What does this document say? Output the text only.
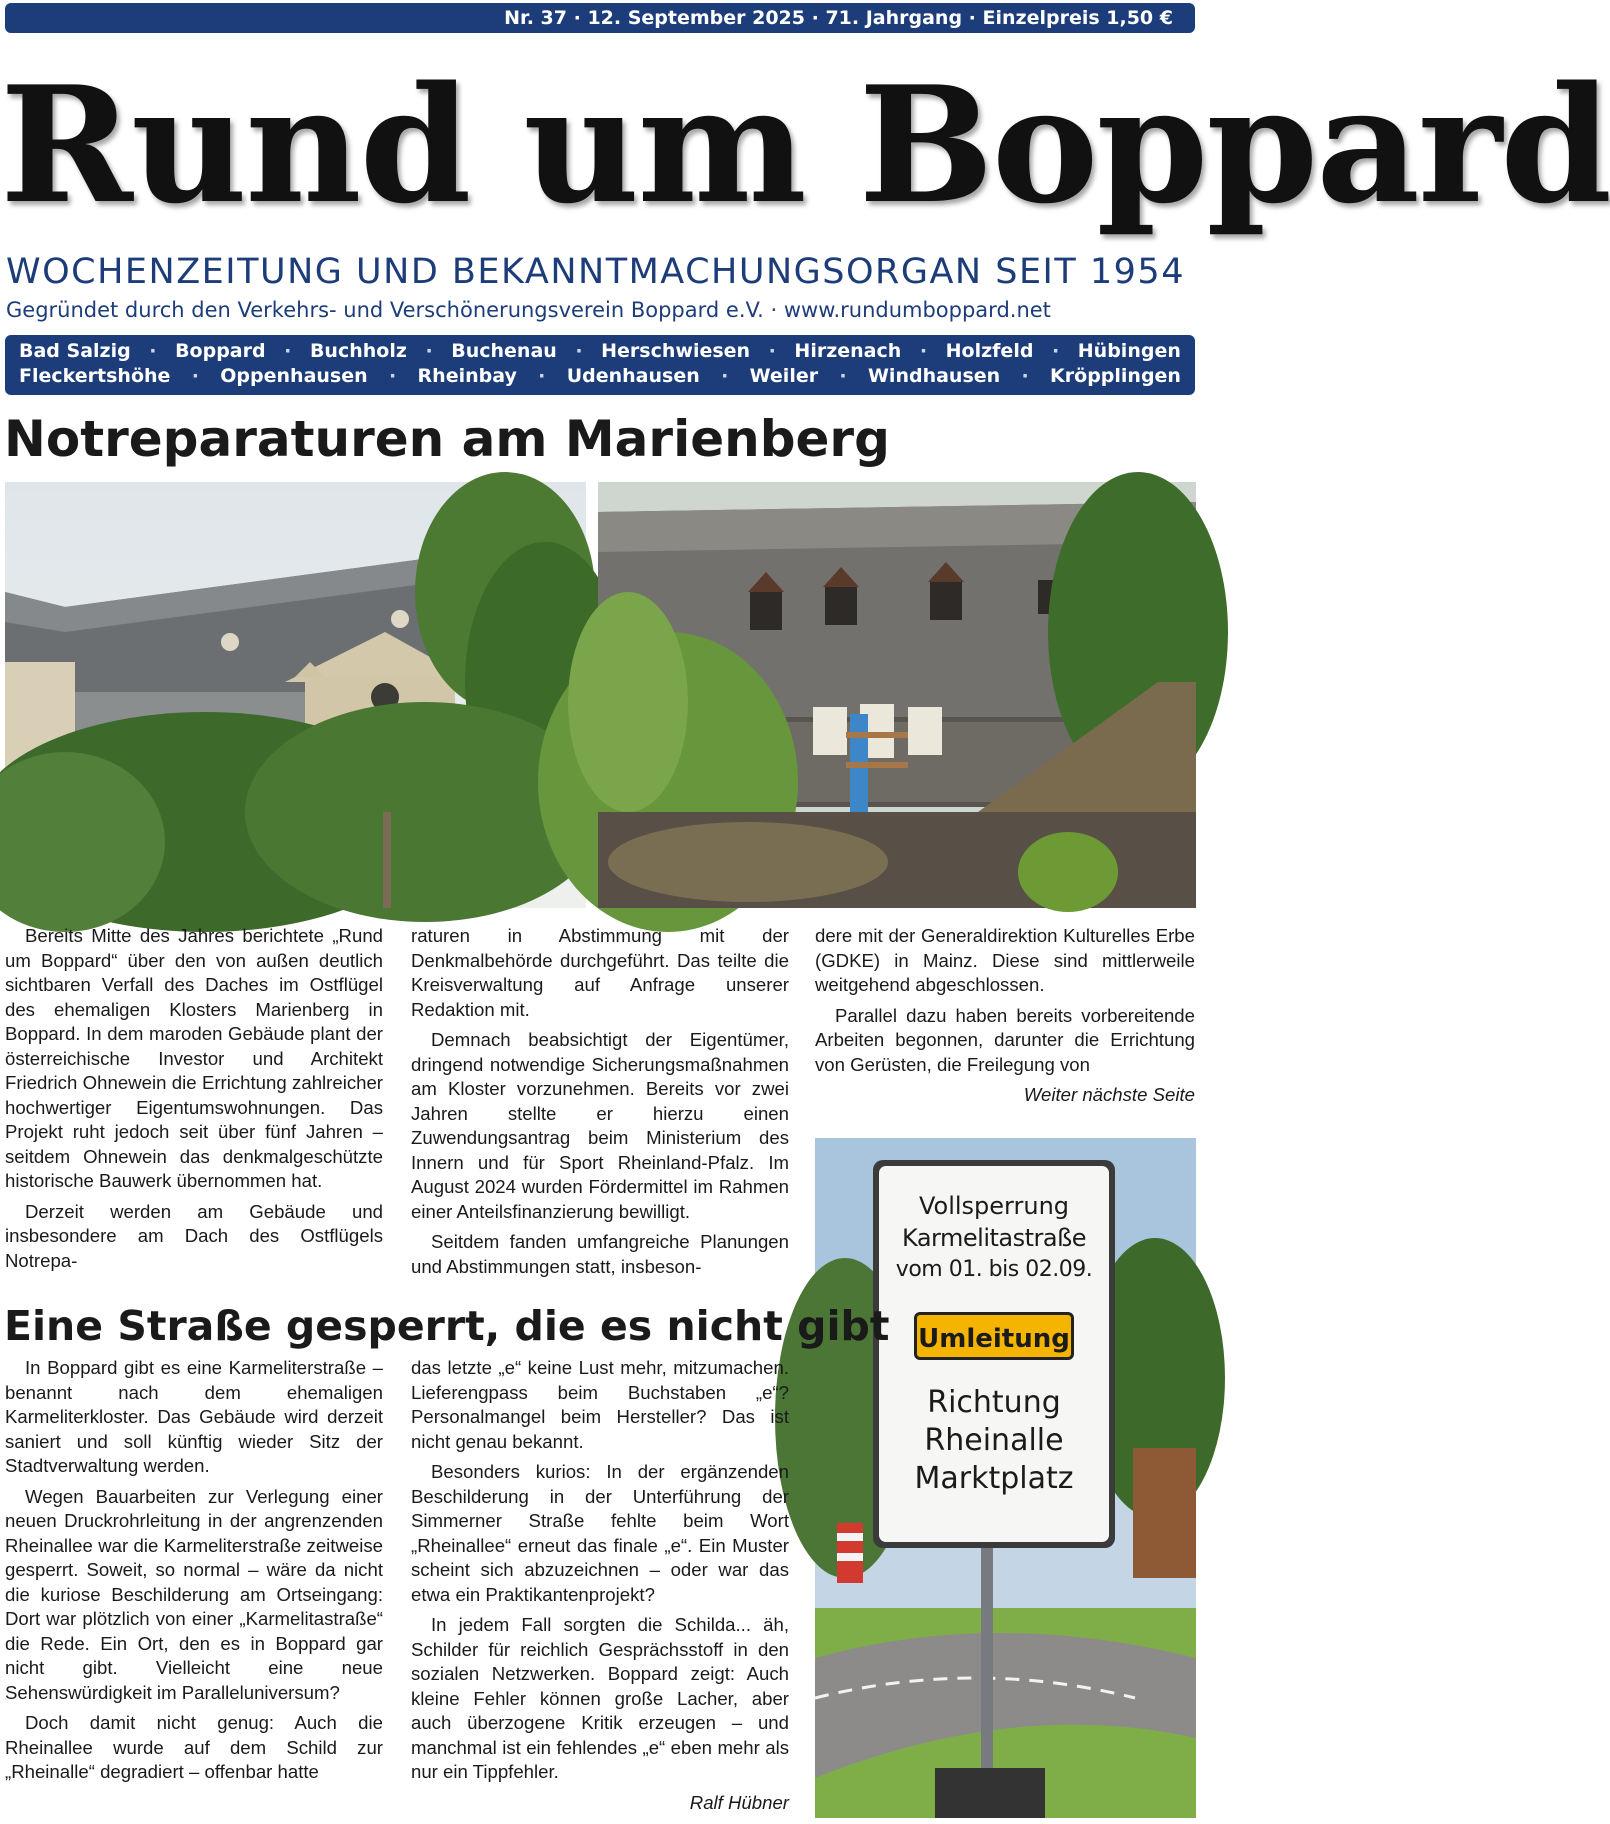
Nr. 37 · 12. September 2025 · 71. Jahrgang · Einzelpreis 1,50 €
Rund um Boppard
WOCHENZEITUNG UND BEKANNTMACHUNGSORGAN SEIT 1954
Gegründet durch den Verkehrs- und Verschönerungsverein Boppard e.V. · www.rundumboppard.net
Bad Salzig · Boppard · Buchholz · Buchenau · Herschwiesen · Hirzenach · Holzfeld · Hübingen
Fleckertshöhe · Oppenhausen · Rheinbay · Udenhausen · Weiler · Windhausen · Kröpplingen
Notreparaturen am Marienberg

Bereits Mitte des Jahres berichtete „Rund um Boppard“ über den von außen deutlich sichtbaren Verfall des Daches im Ostflügel des ehemaligen Klosters Marienberg in Boppard. In dem maroden Gebäude plant der österreichische Investor und Architekt Friedrich Ohnewein die Errichtung zahlreicher hochwertiger Eigentumswohnungen. Das Projekt ruht jedoch seit über fünf Jahren – seitdem Ohnewein das denkmalgeschützte historische Bauwerk übernommen hat.

Derzeit werden am Gebäude und insbesondere am Dach des Ostflügels Notrepa-

raturen in Abstimmung mit der Denkmalbehörde durchgeführt. Das teilte die Kreisverwaltung auf Anfrage unserer Redaktion mit.

Demnach beabsichtigt der Eigentümer, dringend notwendige Sicherungsmaßnahmen am Kloster vorzunehmen. Bereits vor zwei Jahren stellte er hierzu einen Zuwendungsantrag beim Ministerium des Innern und für Sport Rheinland-Pfalz. Im August 2024 wurden Fördermittel im Rahmen einer Anteilsfinanzierung bewilligt.

Seitdem fanden umfangreiche Planungen und Abstimmungen statt, insbeson-

dere mit der Generaldirektion Kulturelles Erbe (GDKE) in Mainz. Diese sind mittlerweile weitgehend abgeschlossen.

Parallel dazu haben bereits vorbereitende Arbeiten begonnen, darunter die Errichtung von Gerüsten, die Freilegung von

Weiter nächste Seite
Vollsperrung
Karmelitastraße
vom 01. bis 02.09.
Umleitung
Richtung
Rheinalle
Marktplatz
Eine Straße gesperrt, die es nicht gibt

In Boppard gibt es eine Karmeliterstraße – benannt nach dem ehemaligen Karmeliterkloster. Das Gebäude wird derzeit saniert und soll künftig wieder Sitz der Stadtverwaltung werden.

Wegen Bauarbeiten zur Verlegung einer neuen Druckrohrleitung in der angrenzenden Rheinallee war die Karmeliterstraße zeitweise gesperrt. Soweit, so normal – wäre da nicht die kuriose Beschilderung am Ortseingang: Dort war plötzlich von einer „Karmelitastraße“ die Rede. Ein Ort, den es in Boppard gar nicht gibt. Vielleicht eine neue Sehenswürdigkeit im Paralleluniversum?

Doch damit nicht genug: Auch die Rheinallee wurde auf dem Schild zur „Rheinalle“ degradiert – offenbar hatte

das letzte „e“ keine Lust mehr, mitzumachen. Lieferengpass beim Buchstaben „e“? Personalmangel beim Hersteller? Das ist nicht genau bekannt.

Besonders kurios: In der ergänzenden Beschilderung in der Unterführung der Simmerner Straße fehlte beim Wort „Rheinallee“ erneut das finale „e“. Ein Muster scheint sich abzuzeichnen – oder war das etwa ein Praktikantenprojekt?

In jedem Fall sorgten die Schilda... äh, Schilder für reichlich Gesprächsstoff in den sozialen Netzwerken. Boppard zeigt: Auch kleine Fehler können große Lacher, aber auch überzogene Kritik erzeugen – und manchmal ist ein fehlendes „e“ eben mehr als nur ein Tippfehler.

Ralf Hübner
